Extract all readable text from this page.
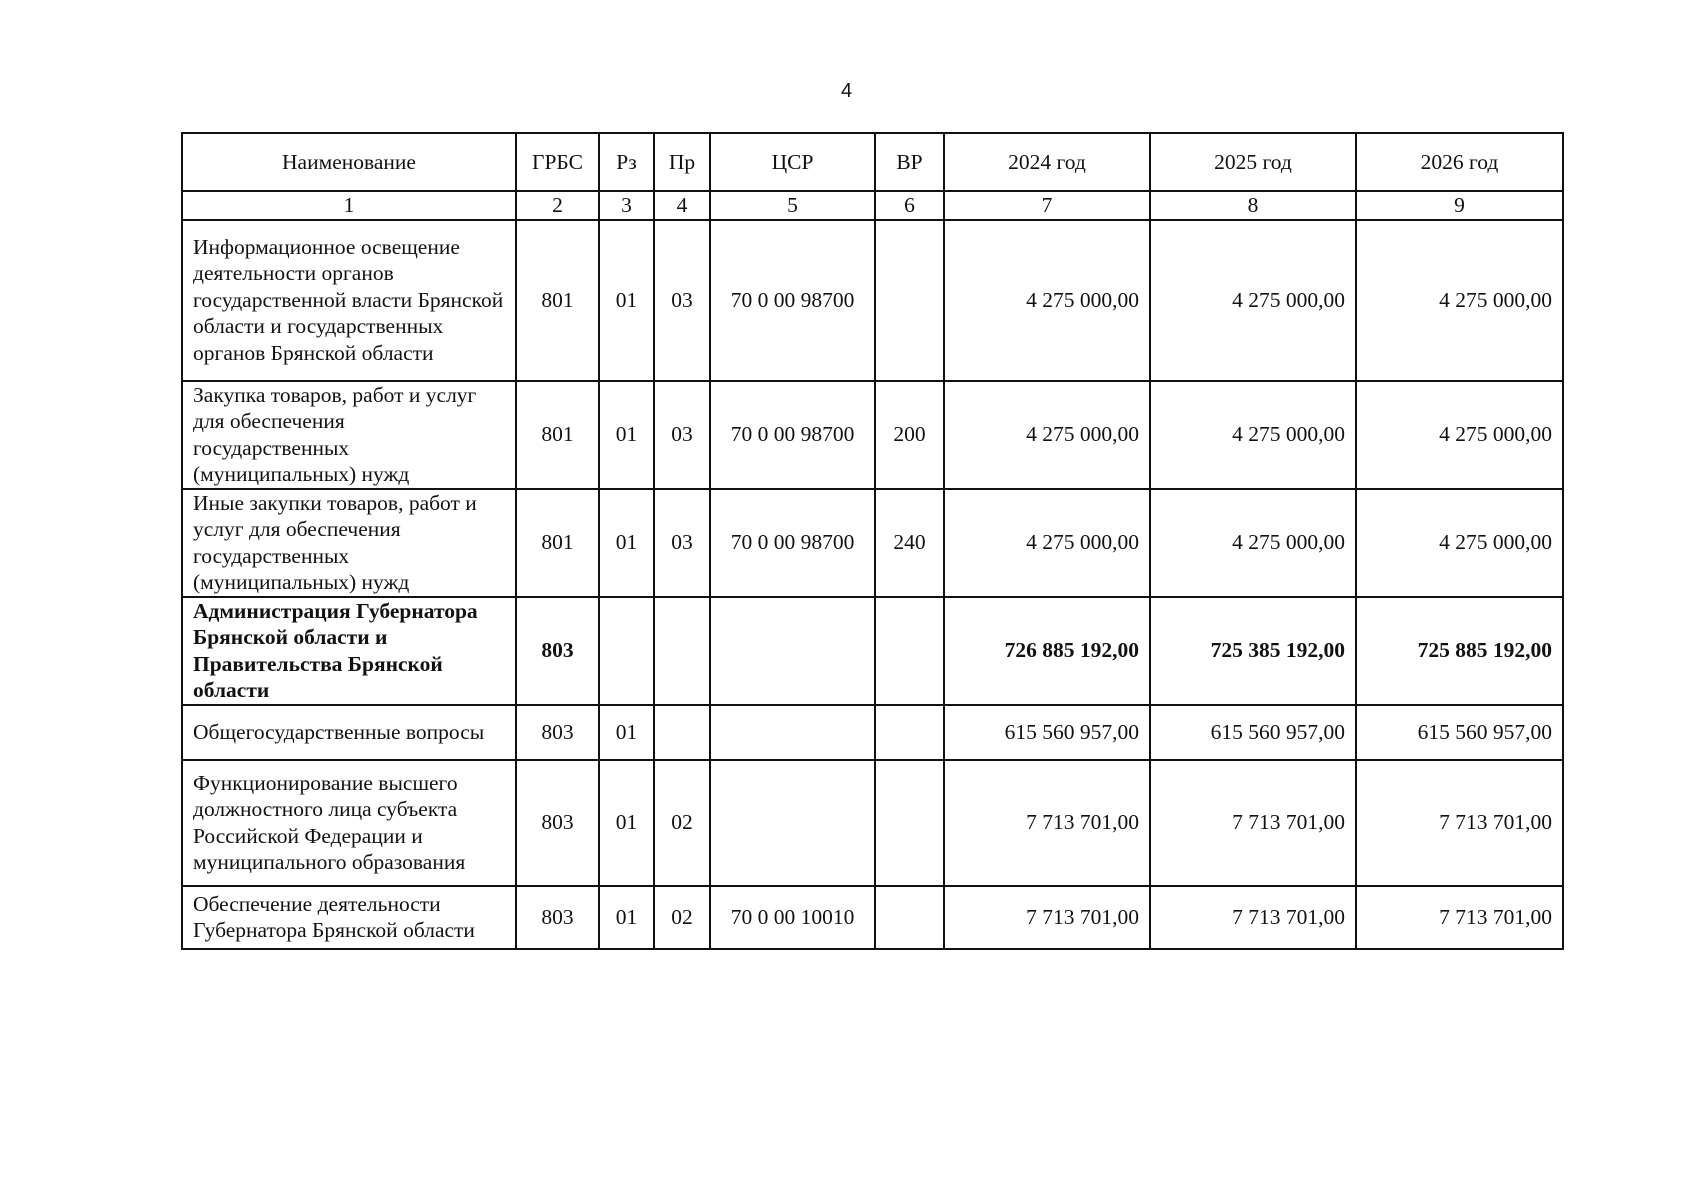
4
Наименование	ГРБС	Рз	Пр	ЦСР	ВР	2024 год	2025 год	2026 год
1	2	3	4	5	6	7	8	9
Информационное освещение деятельности органов государственной власти Брянской области и государственных органов Брянской области	801	01	03	70 0 00 98700		4 275 000,00	4 275 000,00	4 275 000,00
Закупка товаров, работ и услуг для обеспечения государственных (муниципальных) нужд	801	01	03	70 0 00 98700	200	4 275 000,00	4 275 000,00	4 275 000,00
Иные закупки товаров, работ и услуг для обеспечения государственных (муниципальных) нужд	801	01	03	70 0 00 98700	240	4 275 000,00	4 275 000,00	4 275 000,00
Администрация Губернатора Брянской области и Правительства Брянской области	803					726 885 192,00	725 385 192,00	725 885 192,00
Общегосударственные вопросы	803	01				615 560 957,00	615 560 957,00	615 560 957,00
Функционирование высшего должностного лица субъекта Российской Федерации и муниципального образования	803	01	02			7 713 701,00	7 713 701,00	7 713 701,00
Обеспечение деятельности Губернатора Брянской области	803	01	02	70 0 00 10010		7 713 701,00	7 713 701,00	7 713 701,00
